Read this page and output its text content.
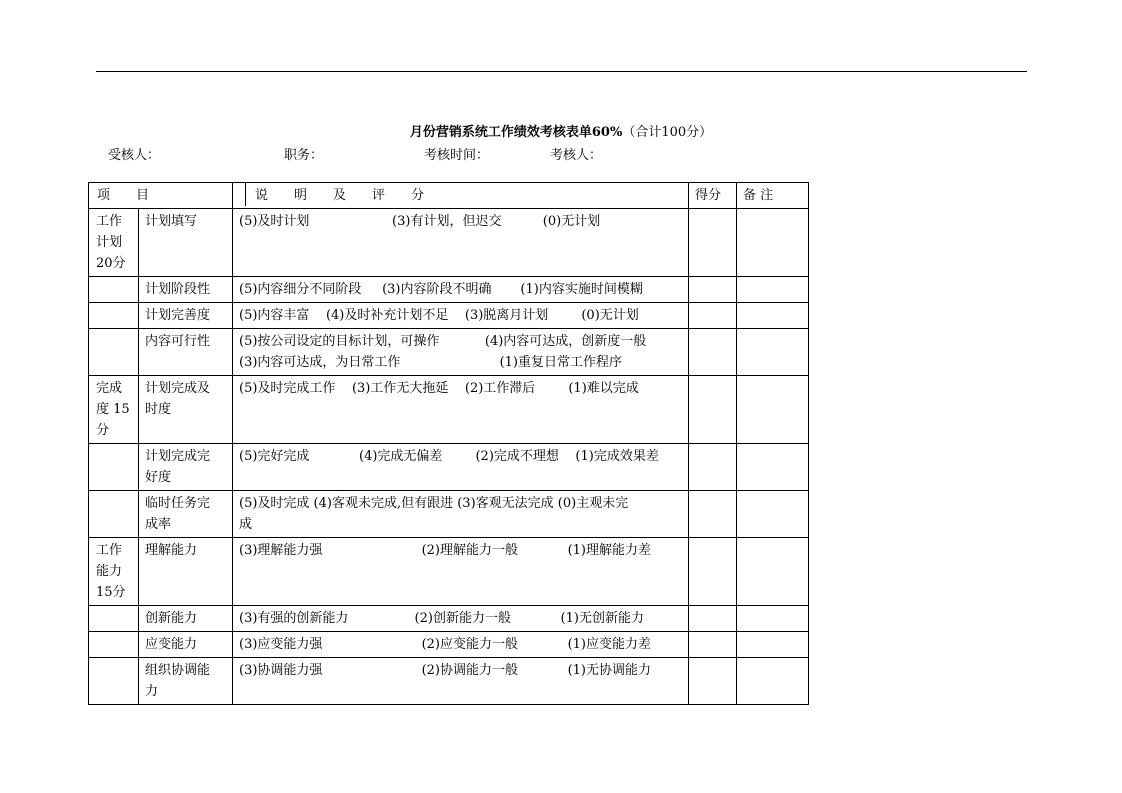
月份营销系统工作绩效考核表单60%（合计100分）
受核人：	职务：	考核时间：	考核人：
项　　目		说　　明　　及　　评　　分	得分	备 注

工作
计划
20分	计划填写	(5)及时计划                    (3)有计划，但迟交          (0)无计划		

	计划阶段性	(5)内容细分不同阶段     (3)内容阶段不明确       (1)内容实施时间模糊		

	计划完善度	(5)内容丰富    (4)及时补充计划不足    (3)脱离月计划        (0)无计划		

	内容可行性	(5)按公司设定的目标计划，可操作           (4)内容可达成，创新度一般
(3)内容可达成，为日常工作                        (1)重复日常工作程序		

完成
度 15
分	计划完成及
时度	(5)及时完成工作    (3)工作无大拖延    (2)工作滞后        (1)难以完成		

	计划完成完
好度	(5)完好完成            (4)完成无偏差        (2)完成不理想    (1)完成效果差		

	临时任务完
成率	(5)及时完成 (4)客观未完成,但有跟进 (3)客观无法完成 (0)主观未完
成		

工作
能力
15分	理解能力	(3)理解能力强                        (2)理解能力一般            (1)理解能力差		

	创新能力	(3)有强的创新能力                (2)创新能力一般            (1)无创新能力		

	应变能力	(3)应变能力强                        (2)应变能力一般            (1)应变能力差		

	组织协调能
力	(3)协调能力强                        (2)协调能力一般            (1)无协调能力		
